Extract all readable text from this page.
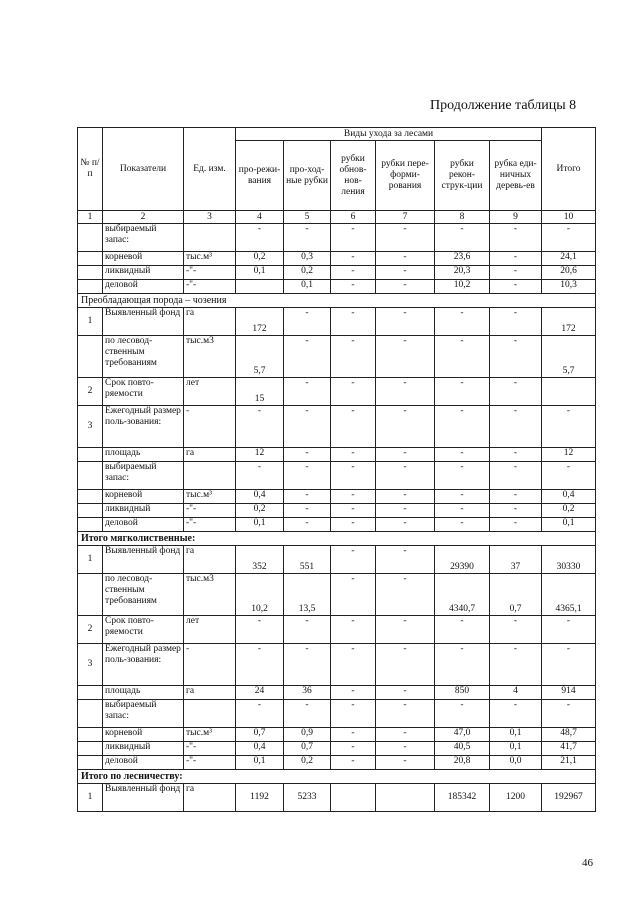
Продолжение таблицы 8
№ п/п	Показатели	Ед. изм.	Виды ухода за лесами						Итого
			про-режи-вания	про-ход-ные рубки	рубки обнов-нов-ления	рубки пере-форми-рования	рубки рекон-струк-ции	рубка еди-ничных деревь-ев	
1	2	3	4	5	6	7	8	9	10
	выбираемый запас:		-	-	-	-	-	-	-
	корневой	тыс.м³	0,2	0,3	-	-	23,6	-	24,1
	ликвидный	-"-	0,1	0,2	-	-	20,3	-	20,6
	деловой	-"-		0,1	-	-	10,2	-	10,3
Преобладающая порода – чозения									
1	Выявленный фонд	га	172	-	-	-	-	-	172
	по лесовод-ственным требованиям	тыс.м3	5,7	-	-	-	-	-	5,7
2	Срок повто-ряемости	лет	15	-	-	-	-	-	
3	Ежегодный размер поль-зования:	-	-	-	-	-	-	-	-
	площадь	га	12	-	-	-	-	-	12
	выбираемый запас:		-	-	-	-	-	-	-
	корневой	тыс.м³	0,4	-	-	-	-	-	0,4
	ликвидный	-"-	0,2	-	-	-	-	-	0,2
	деловой	-"-	0,1	-	-	-	-	-	0,1
Итого мягколиственные:									
1	Выявленный фонд	га	352	551	-	-	29390	37	30330
	по лесовод-ственным требованиям	тыс.м3	10,2	13,5	-	-	4340,7	0,7	4365,1
2	Срок повто-ряемости	лет	-	-	-	-	-	-	-
3	Ежегодный размер поль-зования:	-	-	-	-	-	-	-	-
	площадь	га	24	36	-	-	850	4	914
	выбираемый запас:		-	-	-	-	-	-	-
	корневой	тыс.м³	0,7	0,9	-	-	47,0	0,1	48,7
	ликвидный	-"-	0,4	0,7	-	-	40,5	0,1	41,7
	деловой	-"-	0,1	0,2	-	-	20,8	0,0	21,1
Итого по лесничеству:									
1	Выявленный фонд	га	1192	5233			185342	1200	192967
46
